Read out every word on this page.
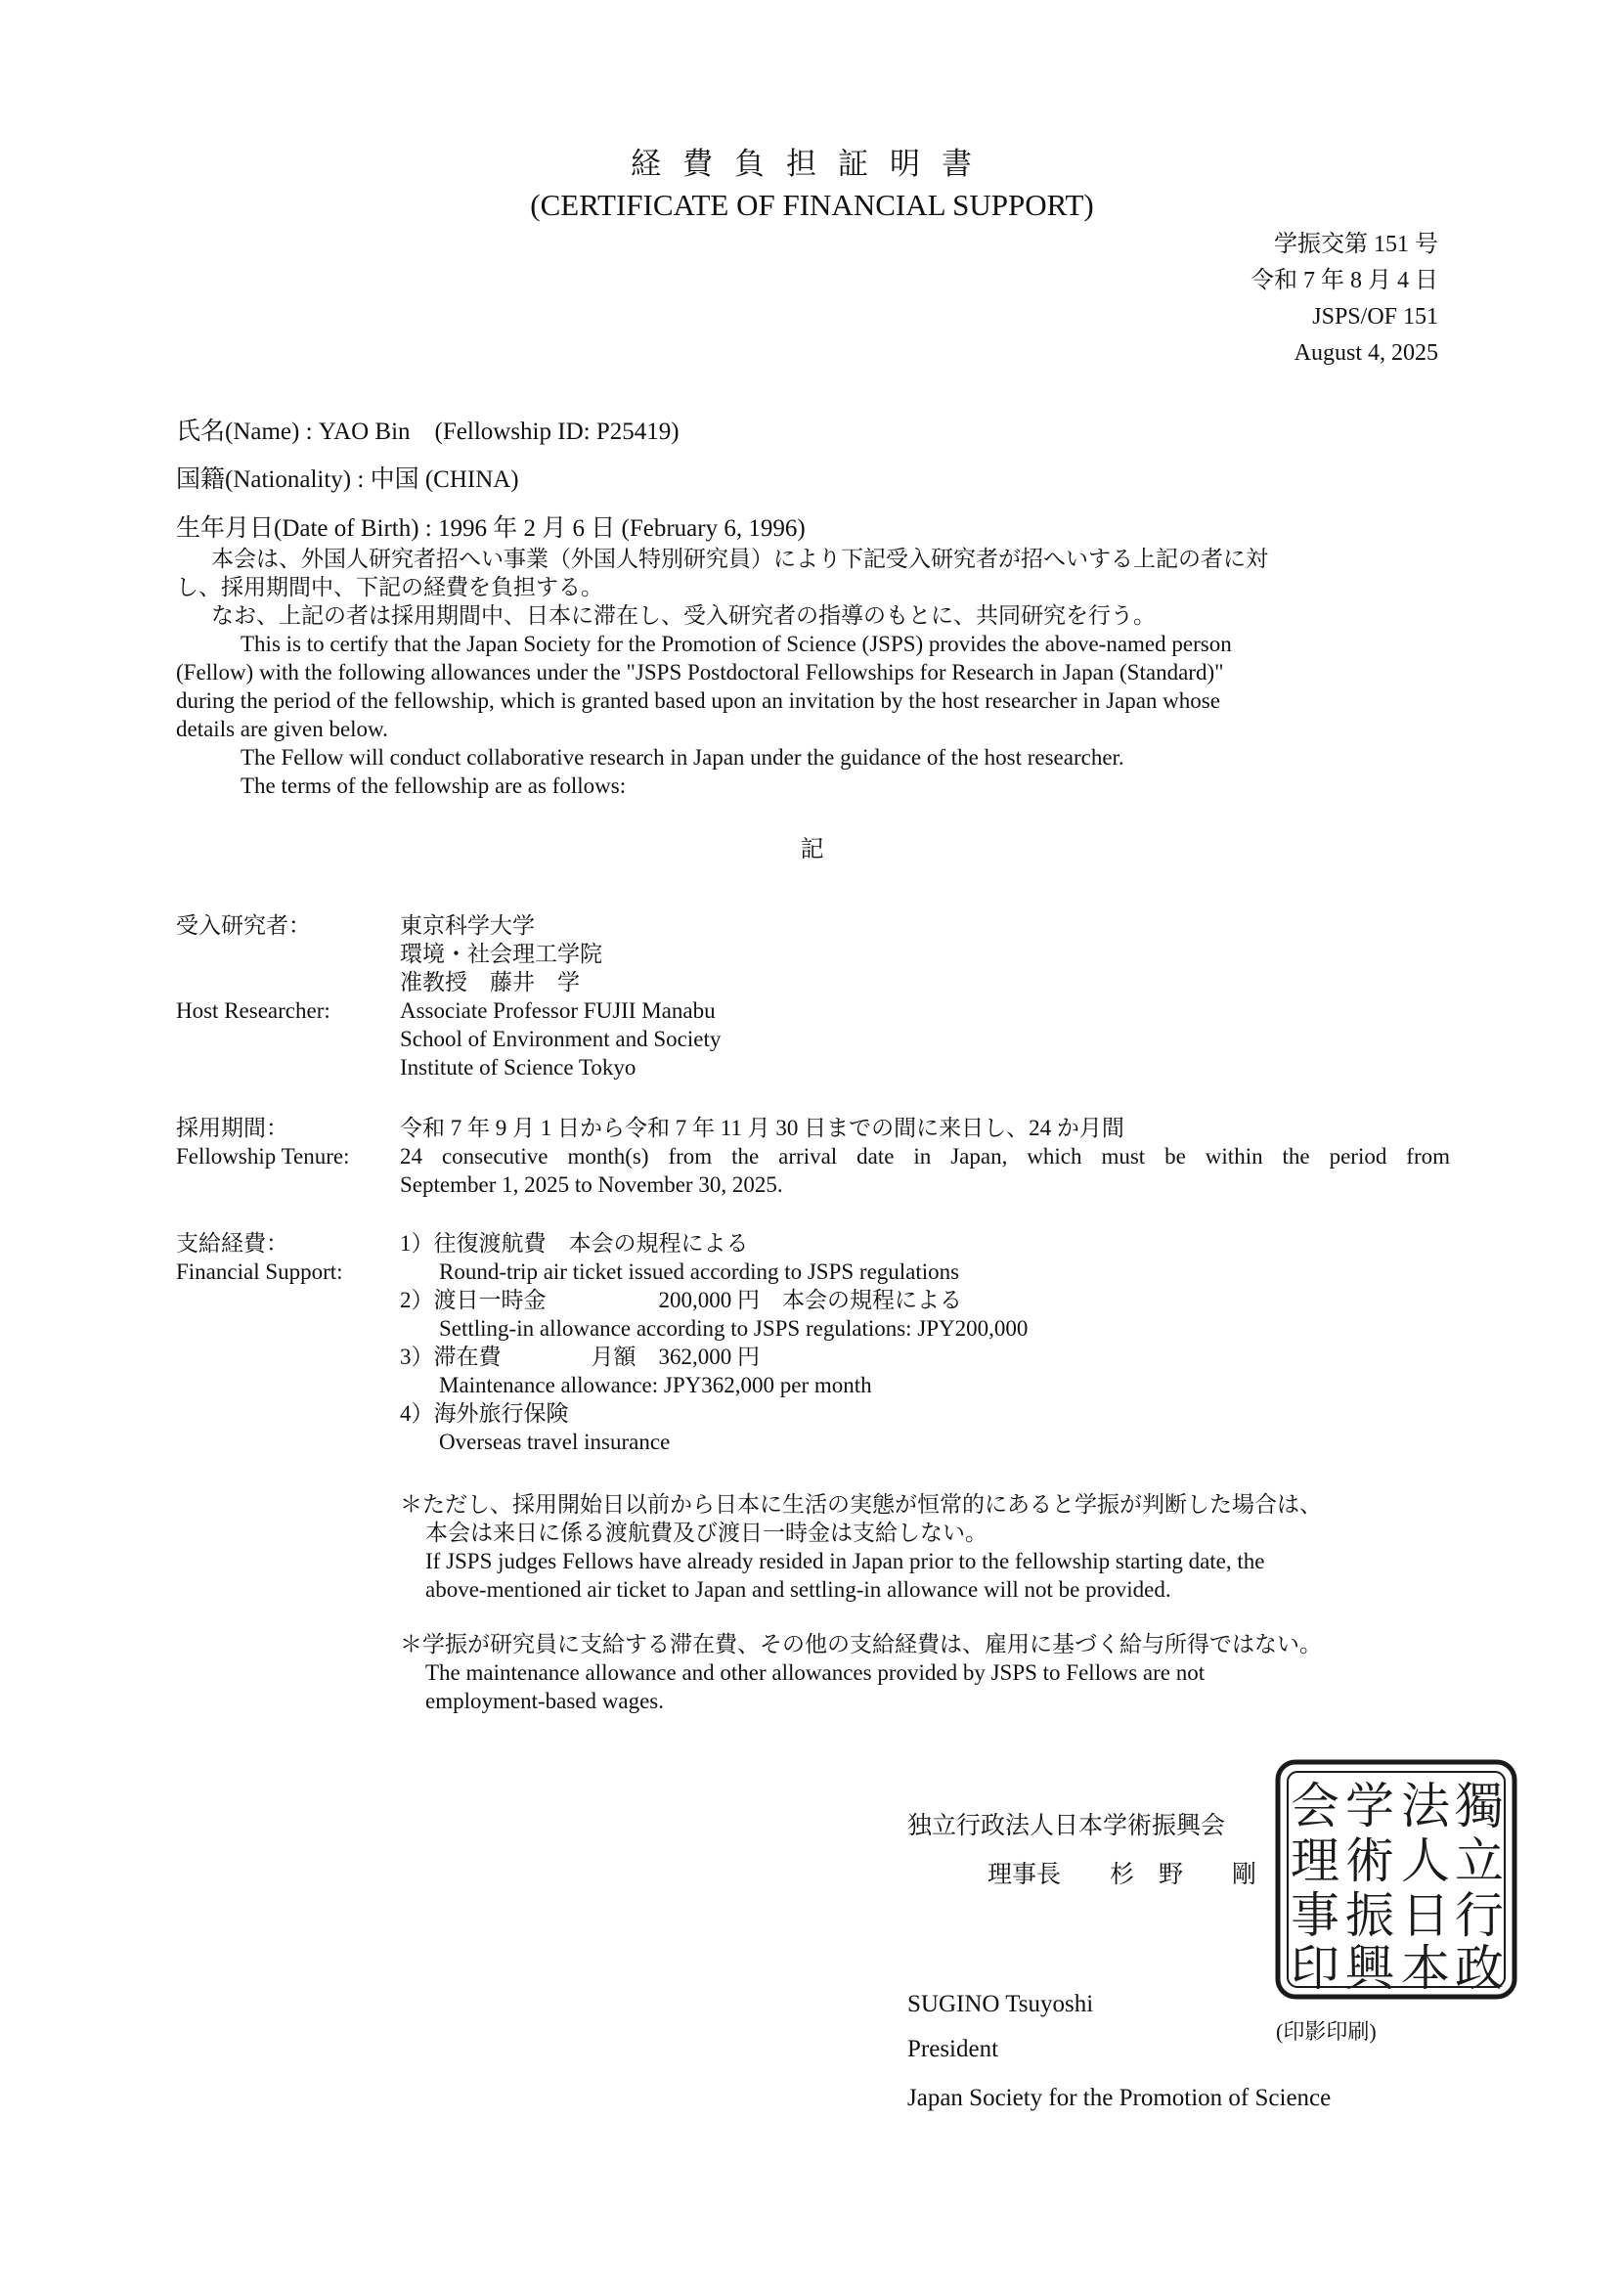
経費負担証明書
(CERTIFICATE OF FINANCIAL SUPPORT)
学振交第 151 号
令和 7 年 8 月 4 日
JSPS/OF 151
August 4, 2025
氏名(Name) : YAO Bin　(Fellowship ID: P25419)
国籍(Nationality) : 中国 (CHINA)
生年月日(Date of Birth) : 1996 年 2 月 6 日 (February 6, 1996)

本会は、外国人研究者招へい事業（外国人特別研究員）により下記受入研究者が招へいする上記の者に対

し、採用期間中、下記の経費を負担する。

なお、上記の者は採用期間中、日本に滞在し、受入研究者の指導のもとに、共同研究を行う。

This is to certify that the Japan Society for the Promotion of Science (JSPS) provides the above-named person

(Fellow) with the following allowances under the "JSPS Postdoctoral Fellowships for Research in Japan (Standard)"

during the period of the fellowship, which is granted based upon an invitation by the host researcher in Japan whose

details are given below.

The Fellow will conduct collaborative research in Japan under the guidance of the host researcher.

The terms of the fellowship are as follows:

記

受入研究者：

Host Researcher:

東京科学大学

環境・社会理工学院

准教授　藤井　学

Associate Professor FUJII Manabu

School of Environment and Society

Institute of Science Tokyo

採用期間：

Fellowship Tenure:

令和 7 年 9 月 1 日から令和 7 年 11 月 30 日までの間に来日し、24 か月間

24 consecutive month(s) from the arrival date in Japan, which must be within the period from

September 1, 2025 to November 30, 2025.

支給経費：

Financial Support:

1）往復渡航費　本会の規程による

Round-trip air ticket issued according to JSPS regulations

2）渡日一時金　　　　　200,000 円　本会の規程による

Settling-in allowance according to JSPS regulations: JPY200,000

3）滞在費　　　　月額　362,000 円

Maintenance allowance: JPY362,000 per month

4）海外旅行保険

Overseas travel insurance

＊ただし、採用開始日以前から日本に生活の実態が恒常的にあると学振が判断した場合は、

本会は来日に係る渡航費及び渡日一時金は支給しない。

If JSPS judges Fellows have already resided in Japan prior to the fellowship starting date, the

above-mentioned air ticket to Japan and settling-in allowance will not be provided.

＊学振が研究員に支給する滞在費、その他の支給経費は、雇用に基づく給与所得ではない。

The maintenance allowance and other allowances provided by JSPS to Fellows are not

employment-based wages.

独立行政法人日本学術振興会
理事長　　杉　野　　剛
獨
立
行
政
法
人
日
本
学
術
振
興
会
理
事
印
SUGINO Tsuyoshi
(印影印刷)
President
Japan Society for the Promotion of Science
